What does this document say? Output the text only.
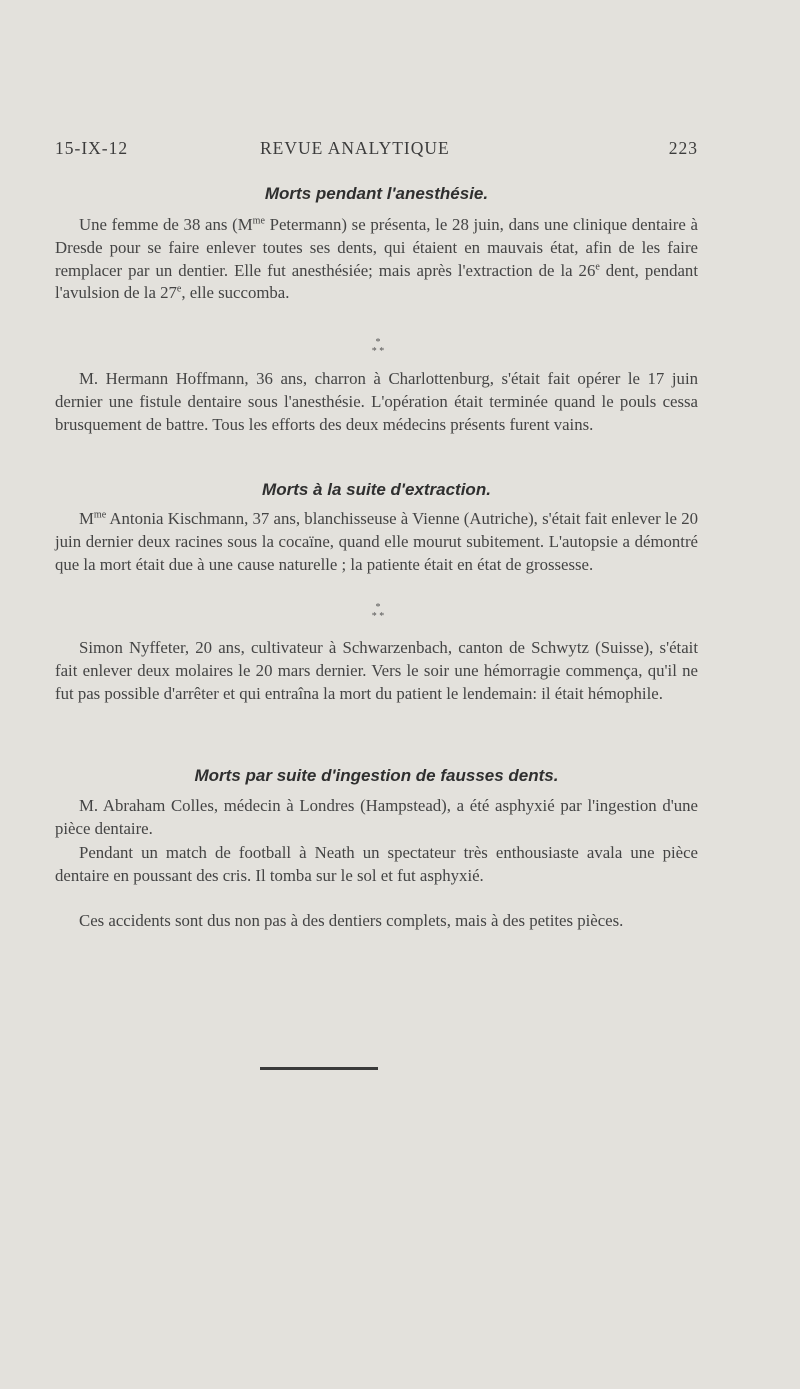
15-IX-12	REVUE ANALYTIQUE	223
Morts pendant l'anesthésie.
Une femme de 38 ans ($M^{me}$ Petermann) se présenta, le 28 juin, dans une clinique dentaire à Dresde pour se faire enlever toutes ses dents, qui étaient en mauvais état, afin de les faire remplacer par un dentier. Elle fut anesthésiée; mais après l'extraction de la 26e dent, pendant l'avulsion de la 27e, elle succomba.
*
* *
M. Hermann Hoffmann, 36 ans, charron à Charlottenburg, s'était fait opérer le 17 juin dernier une fistule dentaire sous l'anesthésie. L'opération était terminée quand le pouls cessa brusquement de battre. Tous les efforts des deux médecins présents furent vains.
Morts à la suite d'extraction.
$M^{me}$ Antonia Kischmann, 37 ans, blanchisseuse à Vienne (Autriche), s'était fait enlever le 20 juin dernier deux racines sous la cocaïne, quand elle mourut subitement. L'autopsie a démontré que la mort était due à une cause naturelle ; la patiente était en état de grossesse.
*
* *
Simon Nyffeter, 20 ans, cultivateur à Schwarzenbach, canton de Schwytz (Suisse), s'était fait enlever deux molaires le 20 mars dernier. Vers le soir une hémorragie commença, qu'il ne fut pas possible d'arrêter et qui entraîna la mort du patient le lendemain: il était hémophile.
Morts par suite d'ingestion de fausses dents.
M. Abraham Colles, médecin à Londres (Hampstead), a été asphyxié par l'ingestion d'une pièce dentaire.
Pendant un match de football à Neath un spectateur très enthousiaste avala une pièce dentaire en poussant des cris. Il tomba sur le sol et fut asphyxié.
Ces accidents sont dus non pas à des dentiers complets, mais à des petites pièces.
